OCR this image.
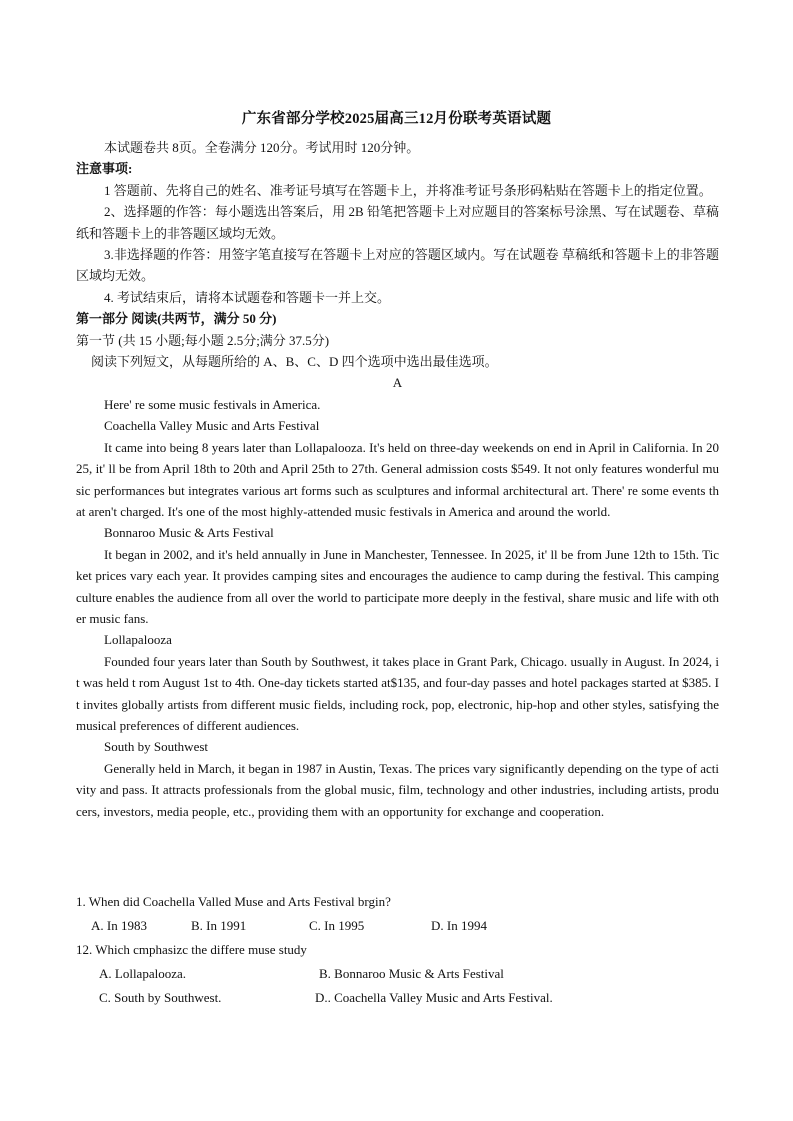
广东省部分学校2025届高三12月份联考英语试题

本试题卷共 8页。全卷满分 120分。考试用时 120分钟。

注意事项:

1 答题前、先将自己的姓名、准考证号填写在答题卡上，并将准考证号条形码粘贴在答题卡上的指定位置。

2、选择题的作答：每小题选出答案后，用 2B 铅笔把答题卡上对应题目的答案标号涂黑、写在试题卷、草稿纸和答题卡上的非答题区域均无效。

3.非选择题的作答：用签字笔直接写在答题卡上对应的答题区域内。写在试题卷 草稿纸和答题卡上的非答题区域均无效。

4. 考试结束后，请将本试题卷和答题卡一并上交。

第一部分 阅读(共两节，满分 50 分)

第一节 (共 15 小题;每小题 2.5分;满分 37.5分)

阅读下列短文，从每题所给的 A、B、C、D 四个选项中选出最佳选项。

A

Here' re some music festivals in America.

Coachella Valley Music and Arts Festival

It came into being 8 years later than Lollapalooza. It's held on three-day weekends on end in April in California. In 2025, it' ll be from April 18th to 20th and April 25th to 27th. General admission costs $549. It not only features wonderful music performances but integrates various art forms such as sculptures and informal architectural art. There' re some events that aren't charged. It's one of the most highly-attended music festivals in America and around the world.

Bonnaroo Music & Arts Festival

It began in 2002, and it's held annually in June in Manchester, Tennessee. In 2025, it' ll be from June 12th to 15th. Ticket prices vary each year. It provides camping sites and encourages the audience to camp during the festival. This camping culture enables the audience from all over the world to participate more deeply in the festival, share music and life with other music fans.

Lollapalooza

Founded four years later than South by Southwest, it takes place in Grant Park, Chicago. usually in August. In 2024, it was held t rom August 1st to 4th. One-day tickets started at$135, and four-day passes and hotel packages started at $385. It invites globally artists from different music fields, including rock, pop, electronic, hip-hop and other styles, satisfying the musical preferences of different audiences.

South by Southwest

Generally held in March, it began in 1987 in Austin, Texas. The prices vary significantly depending on the type of activity and pass. It attracts professionals from the global music, film, technology and other industries, including artists, producers, investors, media people, etc., providing them with an opportunity for exchange and cooperation.

1. When did Coachella Valled Muse and Arts Festival brgin?

A. In 1983	B. In 1991	C. In 1995	D. In 1994

12. Which cmphasizc the differe muse study

A. Lollapalooza.	B. Bonnaroo Music & Arts Festival
C. South by Southwest.	D.. Coachella Valley Music and Arts Festival.
